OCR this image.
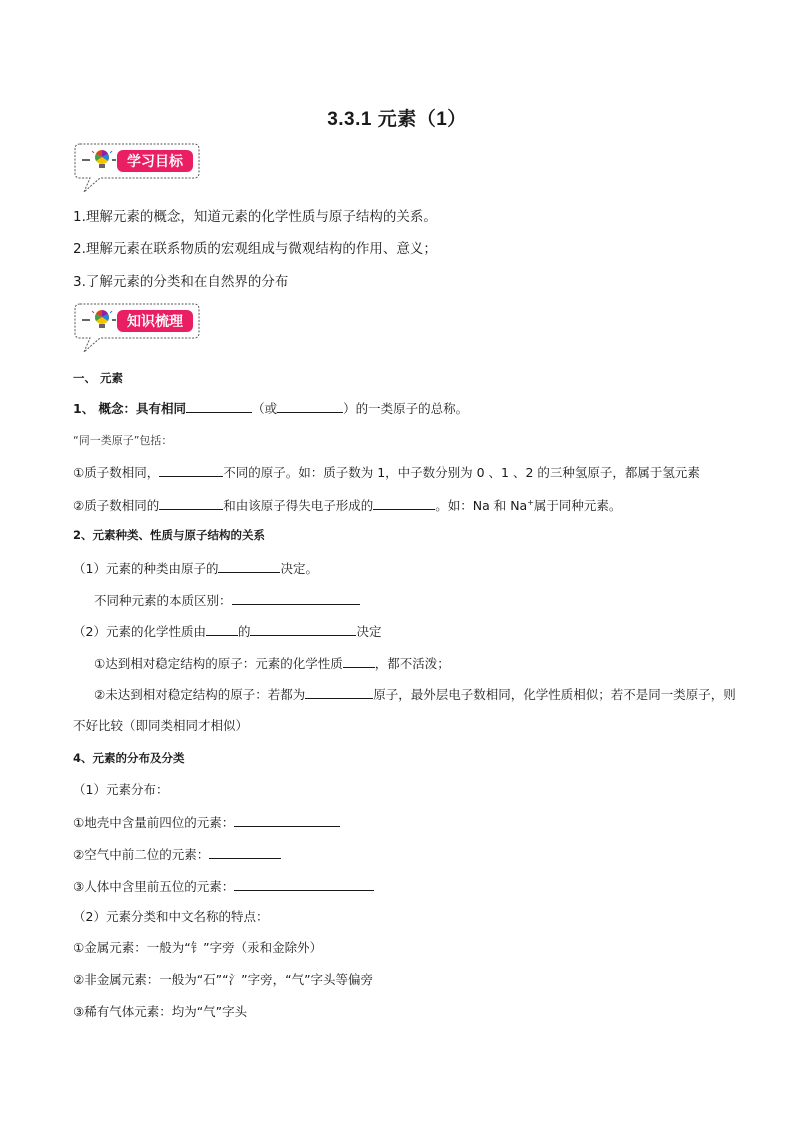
3.3.1 元素（1）
学习目标
1.理解元素的概念，知道元素的化学性质与原子结构的关系。
2.理解元素在联系物质的宏观组成与微观结构的作用、意义；
3.了解元素的分类和在自然界的分布
知识梳理
一、 元素
1、 概念：具有相同	（或	）的一类原子的总称。
“同一类原子”包括：
①质子数相同，	不同的原子。如：质子数为 1，中子数分别为 0 、1 、2 的三种氢原子，都属于氢元素
②质子数相同的	和由该原子得失电子形成的	。如：Na 和 Na+属于同种元素。
2、元素种类、性质与原子结构的关系
（1）元素的种类由原子的	决定。
不同种元素的本质区别：
（2）元素的化学性质由	的	决定
①达到相对稳定结构的原子：元素的化学性质	，都不活泼；
②未达到相对稳定结构的原子：若都为	原子，最外层电子数相同，化学性质相似；若不是同一类原子，则
不好比较（即同类相同才相似）
4、元素的分布及分类
（1）元素分布：
①地壳中含量前四位的元素：
②空气中前二位的元素：
③人体中含里前五位的元素：
（2）元素分类和中文名称的特点：
①金属元素：一般为“钅”字旁（汞和金除外）
②非金属元素：一般为“石”“氵”字旁，“气”字头等偏旁
③稀有气体元素：均为“气”字头
